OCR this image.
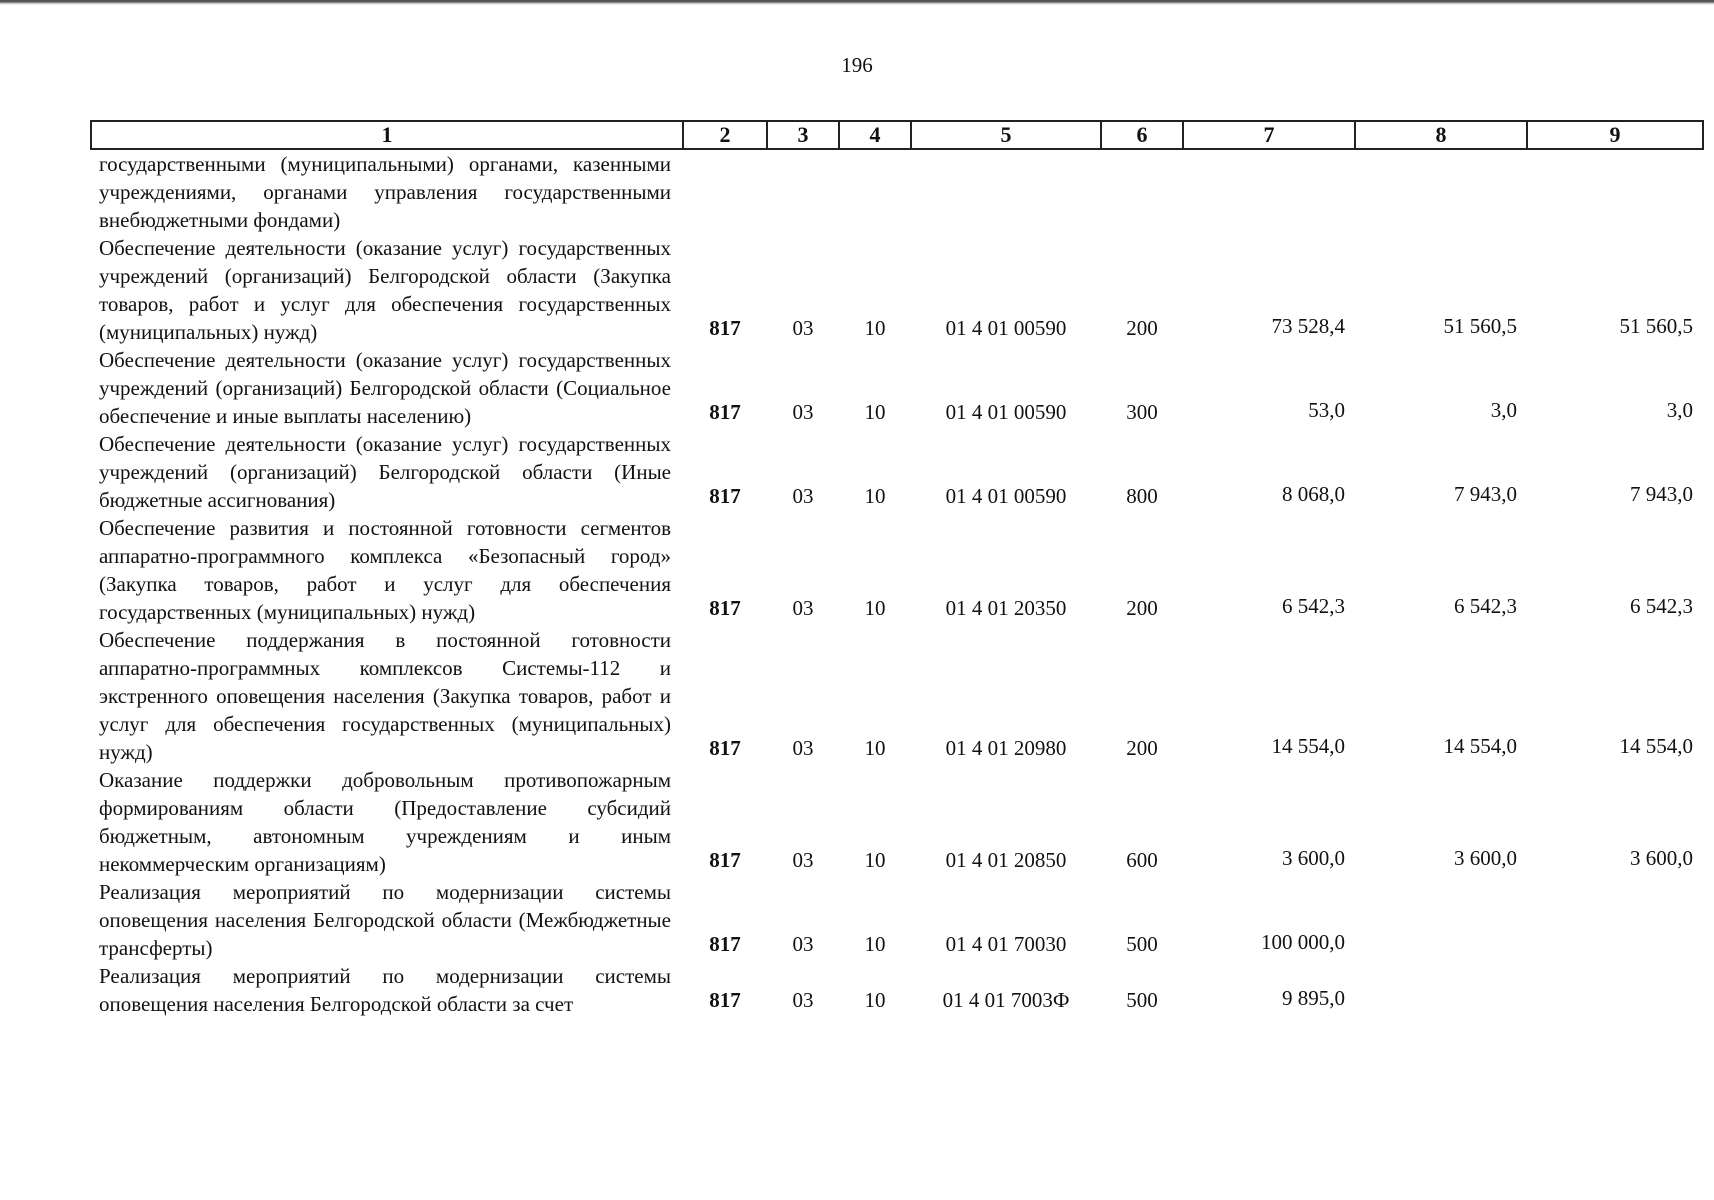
196
1	2	3	4	5	6	7	8	9
государственными (муниципальными) органами, казенными учреждениями, органами управления государственными внебюджетными фондами)								
Обеспечение деятельности (оказание услуг) государственных учреждений (организаций) Белгородской области (Закупка товаров, работ и услуг для обеспечения государственных (муниципальных) нужд)	817	03	10	01 4 01 00590	200	73 528,4	51 560,5	51 560,5
Обеспечение деятельности (оказание услуг) государственных учреждений (организаций) Белгородской области (Социальное обеспечение и иные выплаты населению)	817	03	10	01 4 01 00590	300	53,0	3,0	3,0
Обеспечение деятельности (оказание услуг) государственных учреждений (организаций) Белгородской области (Иные бюджетные ассигнования)	817	03	10	01 4 01 00590	800	8 068,0	7 943,0	7 943,0
Обеспечение развития и постоянной готовности сегментов аппаратно-программного комплекса «Безопасный город» (Закупка товаров, работ и услуг для обеспечения государственных (муниципальных) нужд)	817	03	10	01 4 01 20350	200	6 542,3	6 542,3	6 542,3
Обеспечение поддержания в постоянной готовности аппаратно-программных комплексов Системы-112 и экстренного оповещения населения (Закупка товаров, работ и услуг для обеспечения государственных (муниципальных) нужд)	817	03	10	01 4 01 20980	200	14 554,0	14 554,0	14 554,0
Оказание поддержки добровольным противопожарным формированиям области (Предоставление субсидий бюджетным, автономным учреждениям и иным некоммерческим организациям)	817	03	10	01 4 01 20850	600	3 600,0	3 600,0	3 600,0
Реализация мероприятий по модернизации системы оповещения населения Белгородской области (Межбюджетные трансферты)	817	03	10	01 4 01 70030	500	100 000,0		
Реализация мероприятий по модернизации системы оповещения населения Белгородской области за счет	817	03	10	01 4 01 7003Ф	500	9 895,0		
